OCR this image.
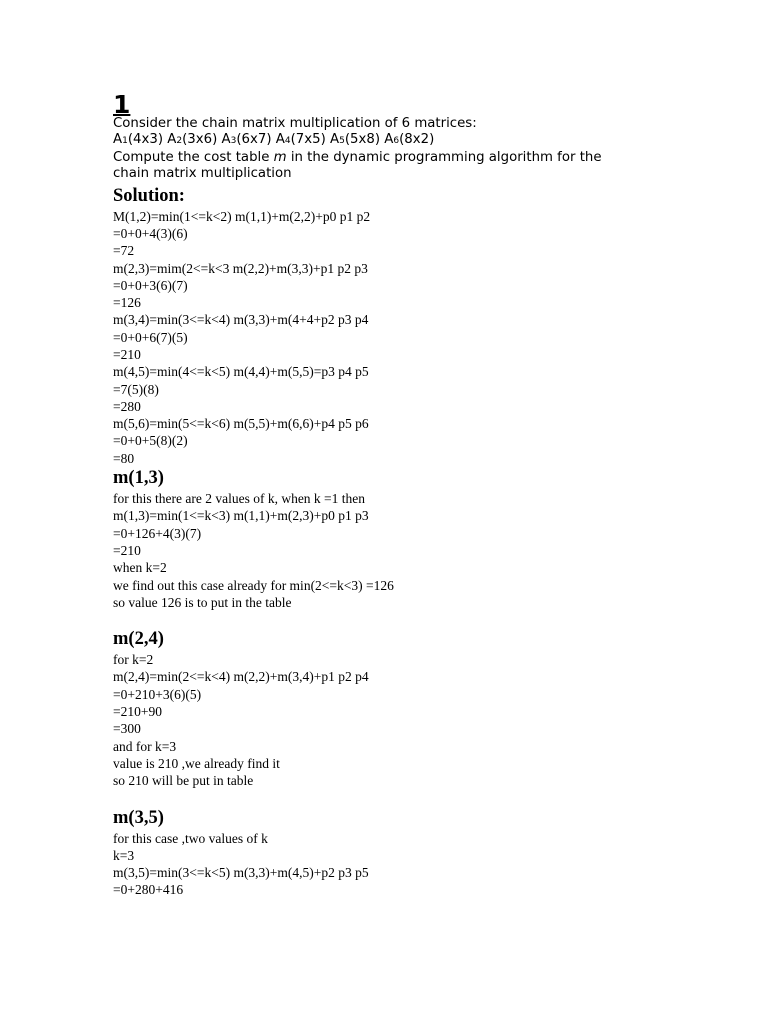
1
Consider the chain matrix multiplication of 6 matrices:
A1(4x3) A2(3x6) A3(6x7) A4(7x5) A5(5x8) A6(8x2)
Compute the cost table m in the dynamic programming algorithm for the
chain matrix multiplication
Solution:
M(1,2)=min(1<=k<2) m(1,1)+m(2,2)+p0 p1 p2
=0+0+4(3)(6)
=72
m(2,3)=mim(2<=k<3 m(2,2)+m(3,3)+p1 p2 p3
=0+0+3(6)(7)
=126
m(3,4)=min(3<=k<4) m(3,3)+m(4+4+p2 p3 p4
=0+0+6(7)(5)
=210
m(4,5)=min(4<=k<5) m(4,4)+m(5,5)=p3 p4 p5
=7(5)(8)
=280
m(5,6)=min(5<=k<6) m(5,5)+m(6,6)+p4 p5 p6
=0+0+5(8)(2)
=80
m(1,3)
for this there are 2 values of k, when k =1 then
m(1,3)=min(1<=k<3) m(1,1)+m(2,3)+p0 p1 p3
=0+126+4(3)(7)
=210
when k=2
we find out this case already for min(2<=k<3) =126
so value 126 is to put in the table
m(2,4)
for k=2
m(2,4)=min(2<=k<4) m(2,2)+m(3,4)+p1 p2 p4
=0+210+3(6)(5)
=210+90
=300
and for k=3
value is 210 ,we already find it
so 210 will be put in table
m(3,5)
for this case ,two values of k
k=3
m(3,5)=min(3<=k<5) m(3,3)+m(4,5)+p2 p3 p5
=0+280+416
